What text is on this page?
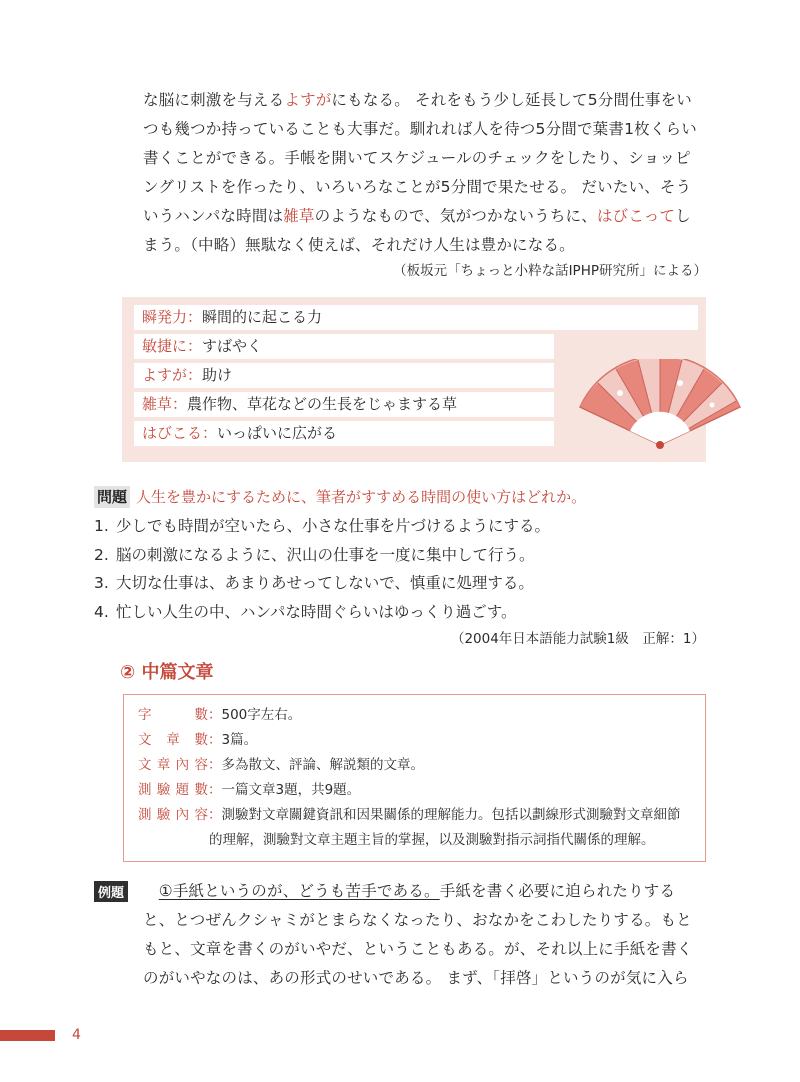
な脳に刺激を与えるよすがにもなる。 それをもう少し延長して5分間仕事をい

つも幾つか持っていることも大事だ。馴れれば人を待つ5分間で葉書1枚くらい

書くことができる。手帳を開いてスケジュールのチェックをしたり、ショッピ

ングリストを作ったり、いろいろなことが5分間で果たせる。 だいたい、そう

いうハンパな時間は雑草のようなもので、気がつかないうちに、はびこってし

まう。（中略）無駄なく使えば、それだけ人生は豊かになる。

（板坂元「ちょっと小粋な話IPHP研究所」による）
瞬発力：瞬間的に起こる力
敏捷に：すばやく
よすが：助け
雑草：農作物、草花などの生長をじゃまする草
はびこる：いっぱいに広がる
問題 人生を豊かにするために、筆者がすすめる時間の使い方はどれか。
1. 少しでも時間が空いたら、小さな仕事を片づけるようにする。
2. 脳の刺激になるように、沢山の仕事を一度に集中して行う。
3. 大切な仕事は、あまりあせってしないで、慎重に処理する。
4. 忙しい人生の中、ハンパな時間ぐらいはゆっくり過ごす。
（2004年日本語能力試験1級　正解：1）
② 中篇文章
字數：500字左右。
文章數：3篇。
文章內容：多為散文、評論、解説類的文章。
測驗題數：一篇文章3題，共9題。
測驗內容：測驗對文章關鍵資訊和因果關係的理解能力。包括以劃線形式測驗對文章細節
的理解，測驗對文章主題主旨的掌握，以及測驗對指示詞指代關係的理解。
例題

　	①手紙というのが、どうも苦手である。手紙を書く必要に迫られたりする

と、とつぜんクシャミがとまらなくなったり、おなかをこわしたりする。もと

もと、文章を書くのがいやだ、ということもある。が、それ以上に手紙を書く

のがいやなのは、あの形式のせいである。 まず、「拝啓」というのが気に入ら

4
